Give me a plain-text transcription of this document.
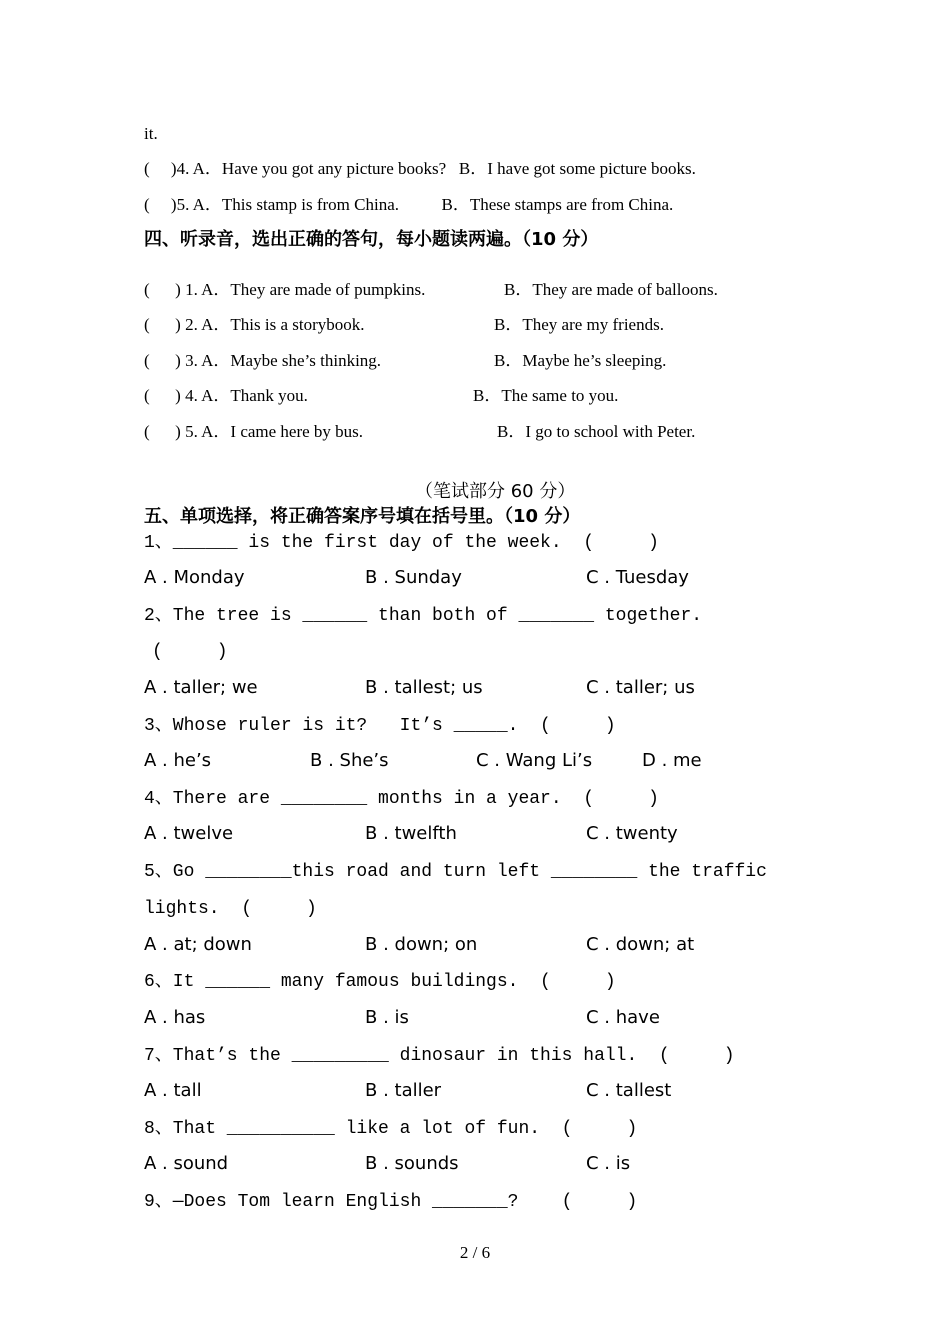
it.
(     )4. A．Have you got any picture books?   B．I have got some picture books.
(     )5. A．This stamp is from China.          B．These stamps are from China.
四、听录音，选出正确的答句，每小题读两遍。（10 分）
(      ) 1. A．They are made of pumpkins.	B．They are made of balloons.
(      ) 2. A．This is a storybook.	B．They are my friends.
(      ) 3. A．Maybe she’s thinking.	B．Maybe he’s sleeping.
(      ) 4. A．Thank you.	B．The same to you.
(      ) 5. A．I came here by bus.	B．I go to school with Peter.
（笔试部分 60 分）
五、单项选择，将正确答案序号填在括号里。（10 分）
1、______ is the first day of the week.  (     )

A . Monday

	B . Sunday

	C . Tuesday

2、The tree is ______ than both of _______ together.
(     )

A . taller; we

	B . tallest; us

	C . taller; us

3、Whose ruler is it?   It’s _____.  (     )

A . he’s

	B . She’s

	C . Wang Li’s

	D . me

4、There are ________ months in a year.  (     )

A . twelve

	B . twelfth

	C . twenty

5、Go ________this road and turn left ________ the traffic
lights.  (     )

A . at; down

	B . down; on

	C . down; at

6、It ______ many famous buildings.  (     )

A . has

	B . is

	C . have

7、That’s the _________ dinosaur in this hall.  (     )

A . tall

	B . taller

	C . tallest

8、That __________ like a lot of fun.  (     )

A . sound

	B . sounds

	C . is

9、—Does Tom learn English _______?    (     )
2 / 6
